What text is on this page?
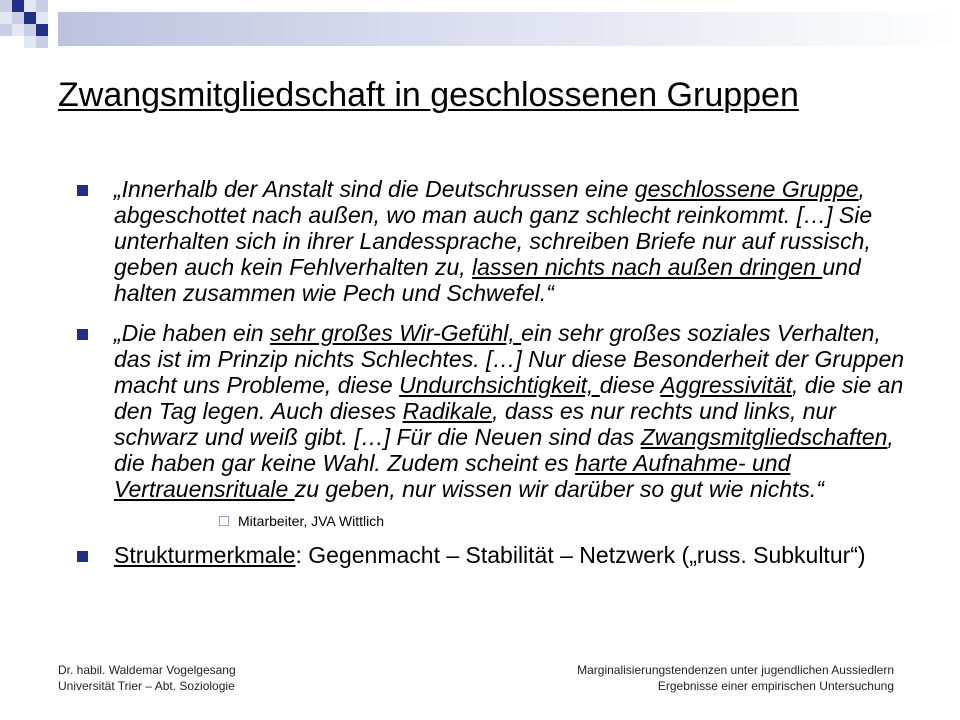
Zwangsmitgliedschaft in geschlossenen Gruppen
„Innerhalb der Anstalt sind die Deutschrussen eine geschlossene Gruppe, abgeschottet nach außen, wo man auch ganz schlecht reinkommt. […] Sie unterhalten sich in ihrer Landessprache, schreiben Briefe nur auf russisch, geben auch kein Fehlverhalten zu, lassen nichts nach außen dringen und halten zusammen wie Pech und Schwefel.“
„Die haben ein sehr großes Wir-Gefühl, ein sehr großes soziales Verhalten, das ist im Prinzip nichts Schlechtes. […] Nur diese Besonderheit der Gruppen macht uns Probleme, diese Undurchsichtigkeit, diese Aggressivität, die sie an den Tag legen. Auch dieses Radikale, dass es nur rechts und links, nur schwarz und weiß gibt. […] Für die Neuen sind das Zwangsmitgliedschaften, die haben gar keine Wahl. Zudem scheint es harte Aufnahme- und Vertrauensrituale zu geben, nur wissen wir darüber so gut wie nichts.“
Mitarbeiter, JVA Wittlich
Strukturmerkmale: Gegenmacht – Stabilität – Netzwerk („russ. Subkultur“)
Dr. habil. Waldemar Vogelgesang
Universität Trier – Abt. Soziologie
Marginalisierungstendenzen unter jugendlichen Aussiedlern
Ergebnisse einer empirischen Untersuchung
